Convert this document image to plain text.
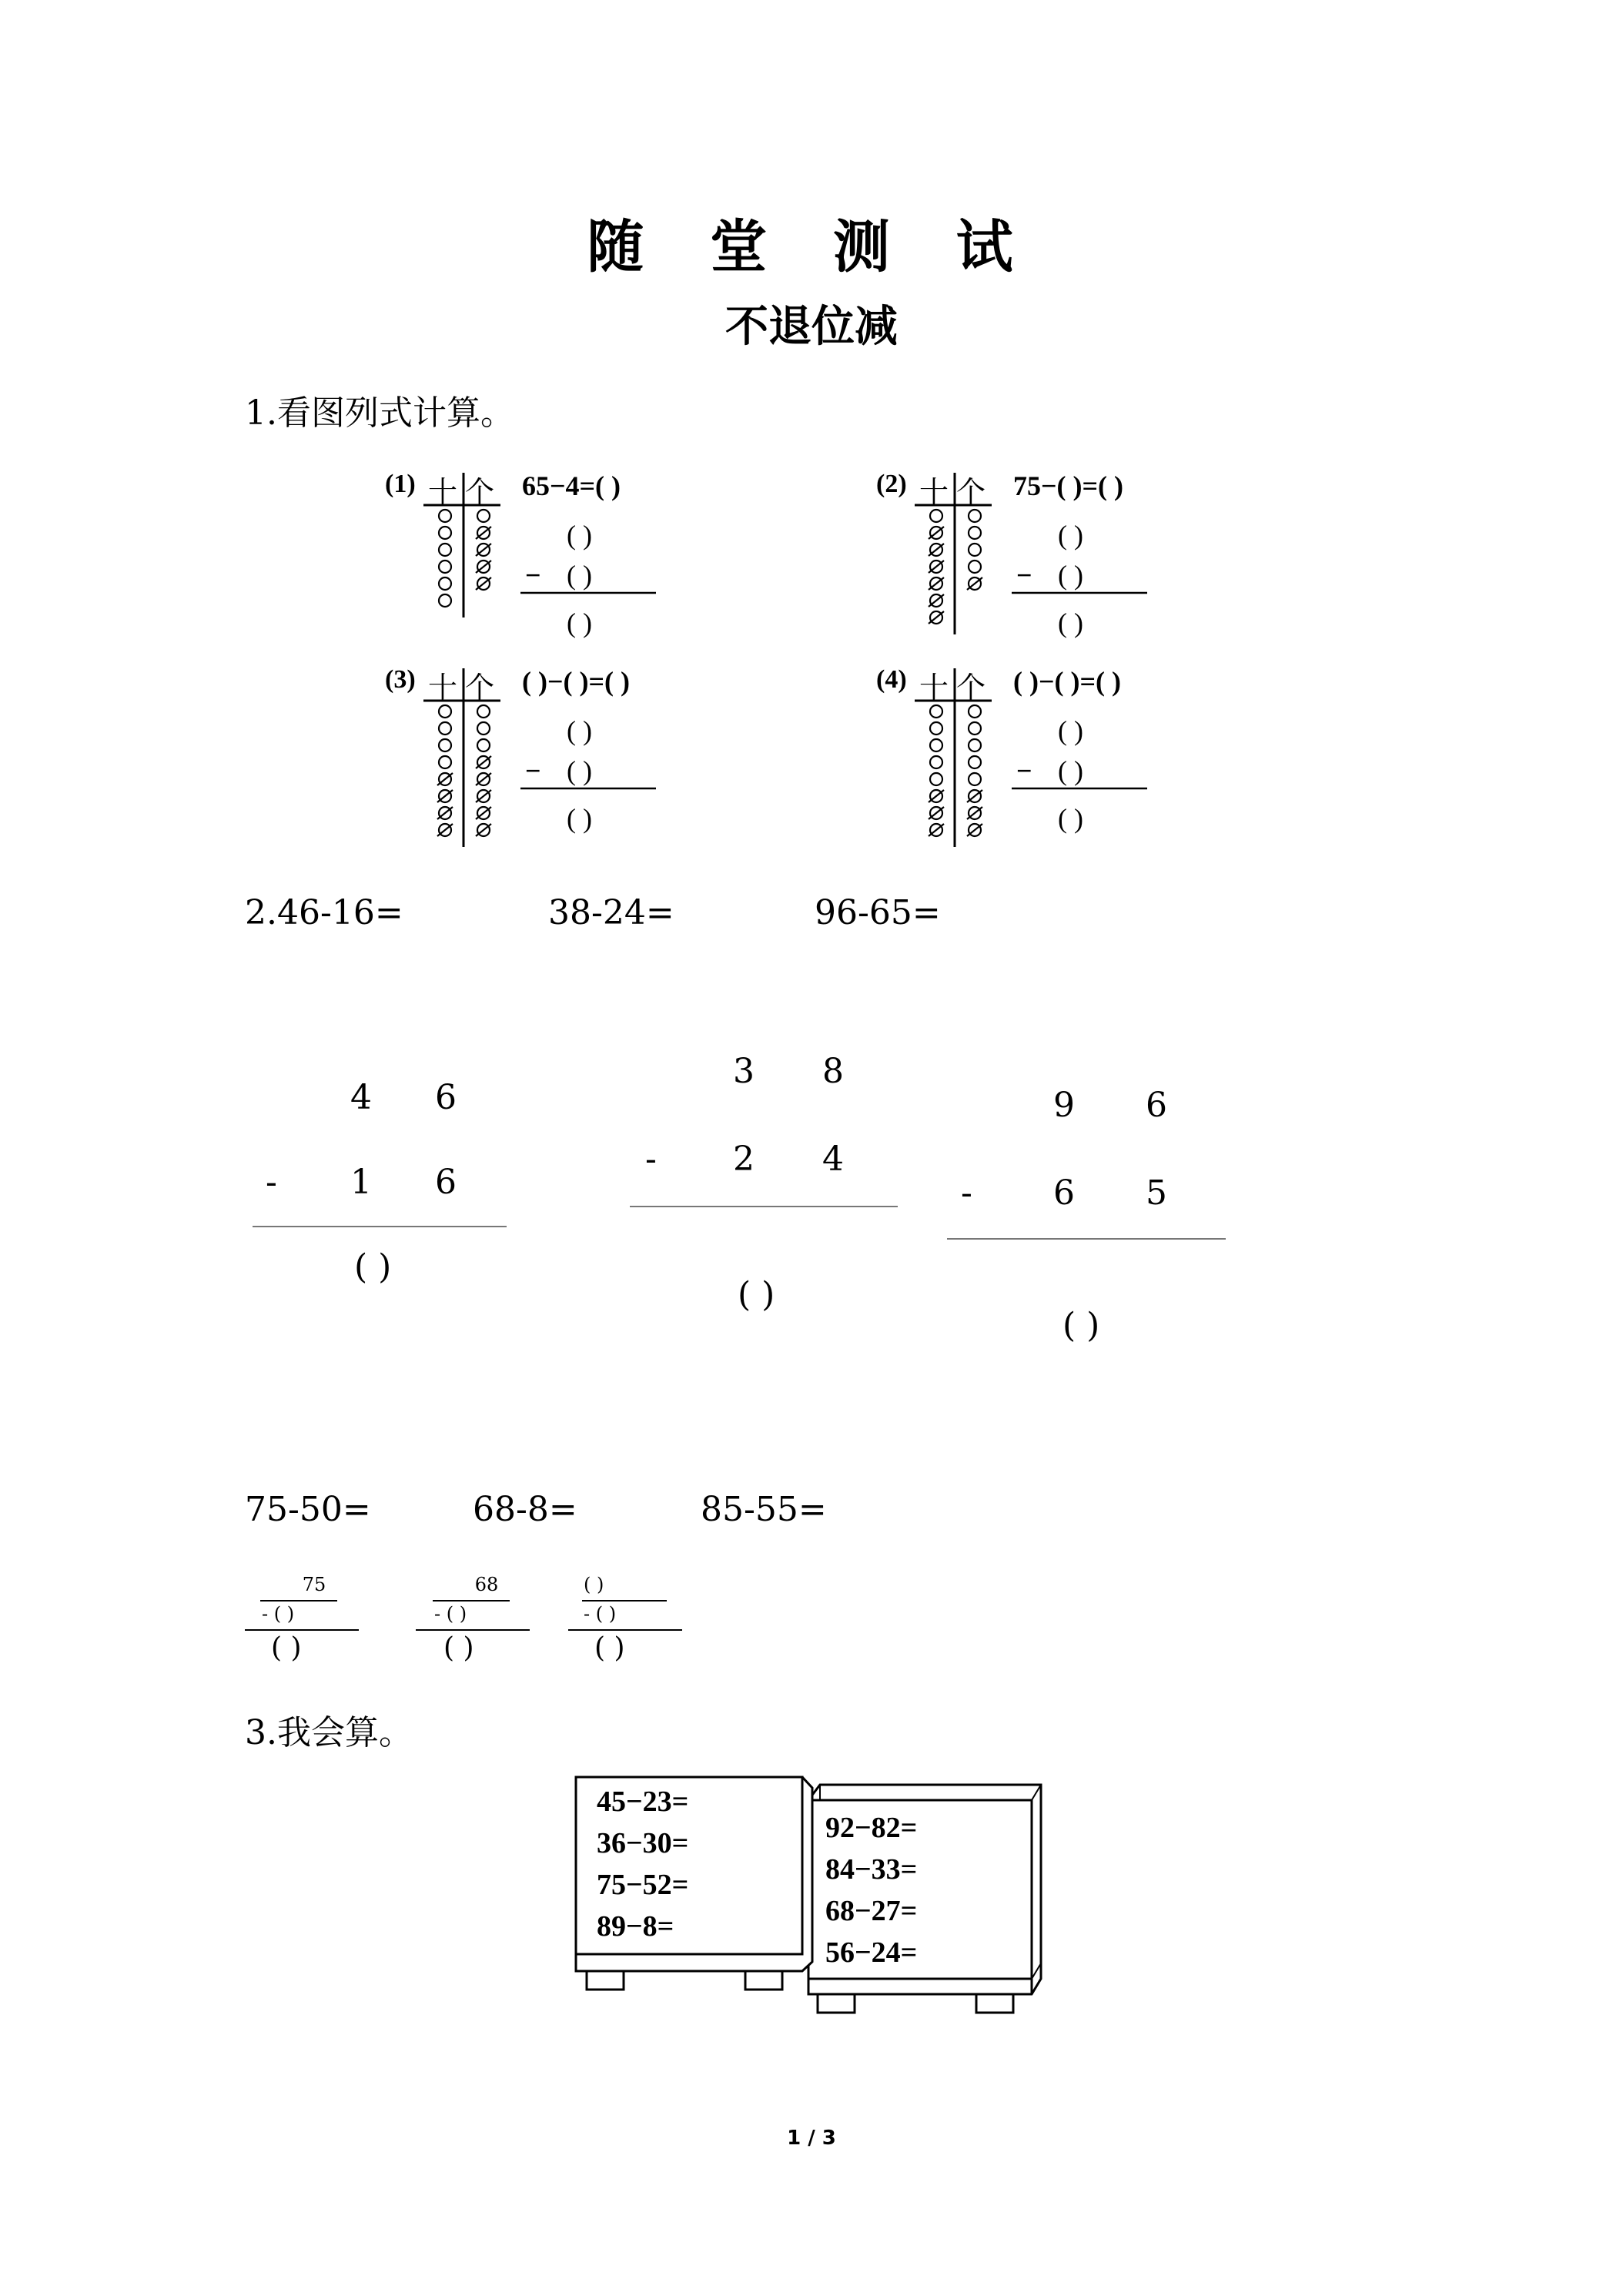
随 堂 测 试
不退位减
1.看图列式计算。
(1) 十 个 65−4=( )
( )
− ( )
( )
(2) 十 个 75−( )=( )
( )
− ( )
( )
(3) 十 个 ( )−( )=( )
( )
− ( )
( )
(4) 十 个 ( )−( )=( )
( )
− ( )
( )
2.46-16=	38-24=	96-65=
4 6
- 1 6
( )
3 8
- 2 4
( )
9 6
- 6 5
( )
75-50=	68-8=	85-55=
75
- ( )
( )
68
- ( )
( )
( )
- ( )
( )
3.我会算。
45−23=
36−30=
75−52=
89−8=
92−82=
84−33=
68−27=
56−24=
1 / 3
